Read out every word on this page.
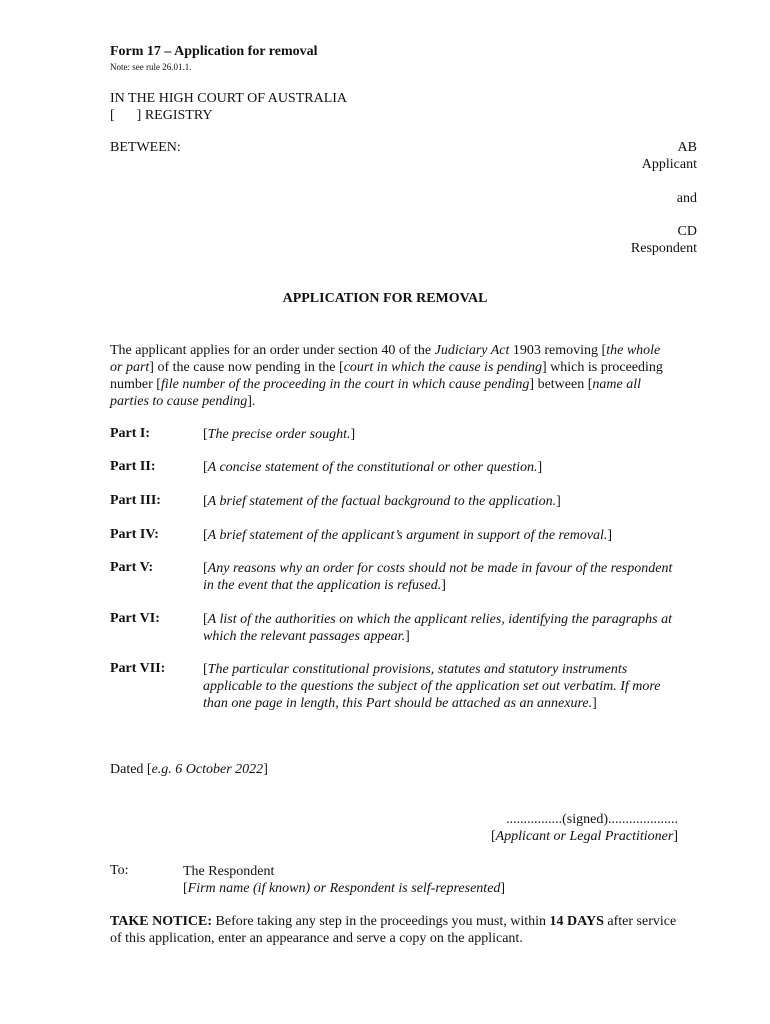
Form 17 – Application for removal
Note: see rule 26.01.1.
IN THE HIGH COURT OF AUSTRALIA
[ ] REGISTRY
BETWEEN:	AB
Applicant
and
CD
Respondent
APPLICATION FOR REMOVAL
The applicant applies for an order under section 40 of the Judiciary Act 1903 removing [the whole or part] of the cause now pending in the [court in which the cause is pending] which is proceeding number [file number of the proceeding in the court in which cause pending] between [name all parties to cause pending].
Part I:	[The precise order sought.]
Part II:	[A concise statement of the constitutional or other question.]
Part III:	[A brief statement of the factual background to the application.]
Part IV:	[A brief statement of the applicant’s argument in support of the removal.]
Part V:	[Any reasons why an order for costs should not be made in favour of the respondent in the event that the application is refused.]
Part VI:	[A list of the authorities on which the applicant relies, identifying the paragraphs at which the relevant passages appear.]
Part VII:	[The particular constitutional provisions, statutes and statutory instruments applicable to the questions the subject of the application set out verbatim. If more than one page in length, this Part should be attached as an annexure.]
Dated [e.g. 6 October 2022]
................(signed)....................
[Applicant or Legal Practitioner]
To:	The Respondent
[Firm name (if known) or Respondent is self-represented]
TAKE NOTICE: Before taking any step in the proceedings you must, within 14 DAYS after service of this application, enter an appearance and serve a copy on the applicant.
